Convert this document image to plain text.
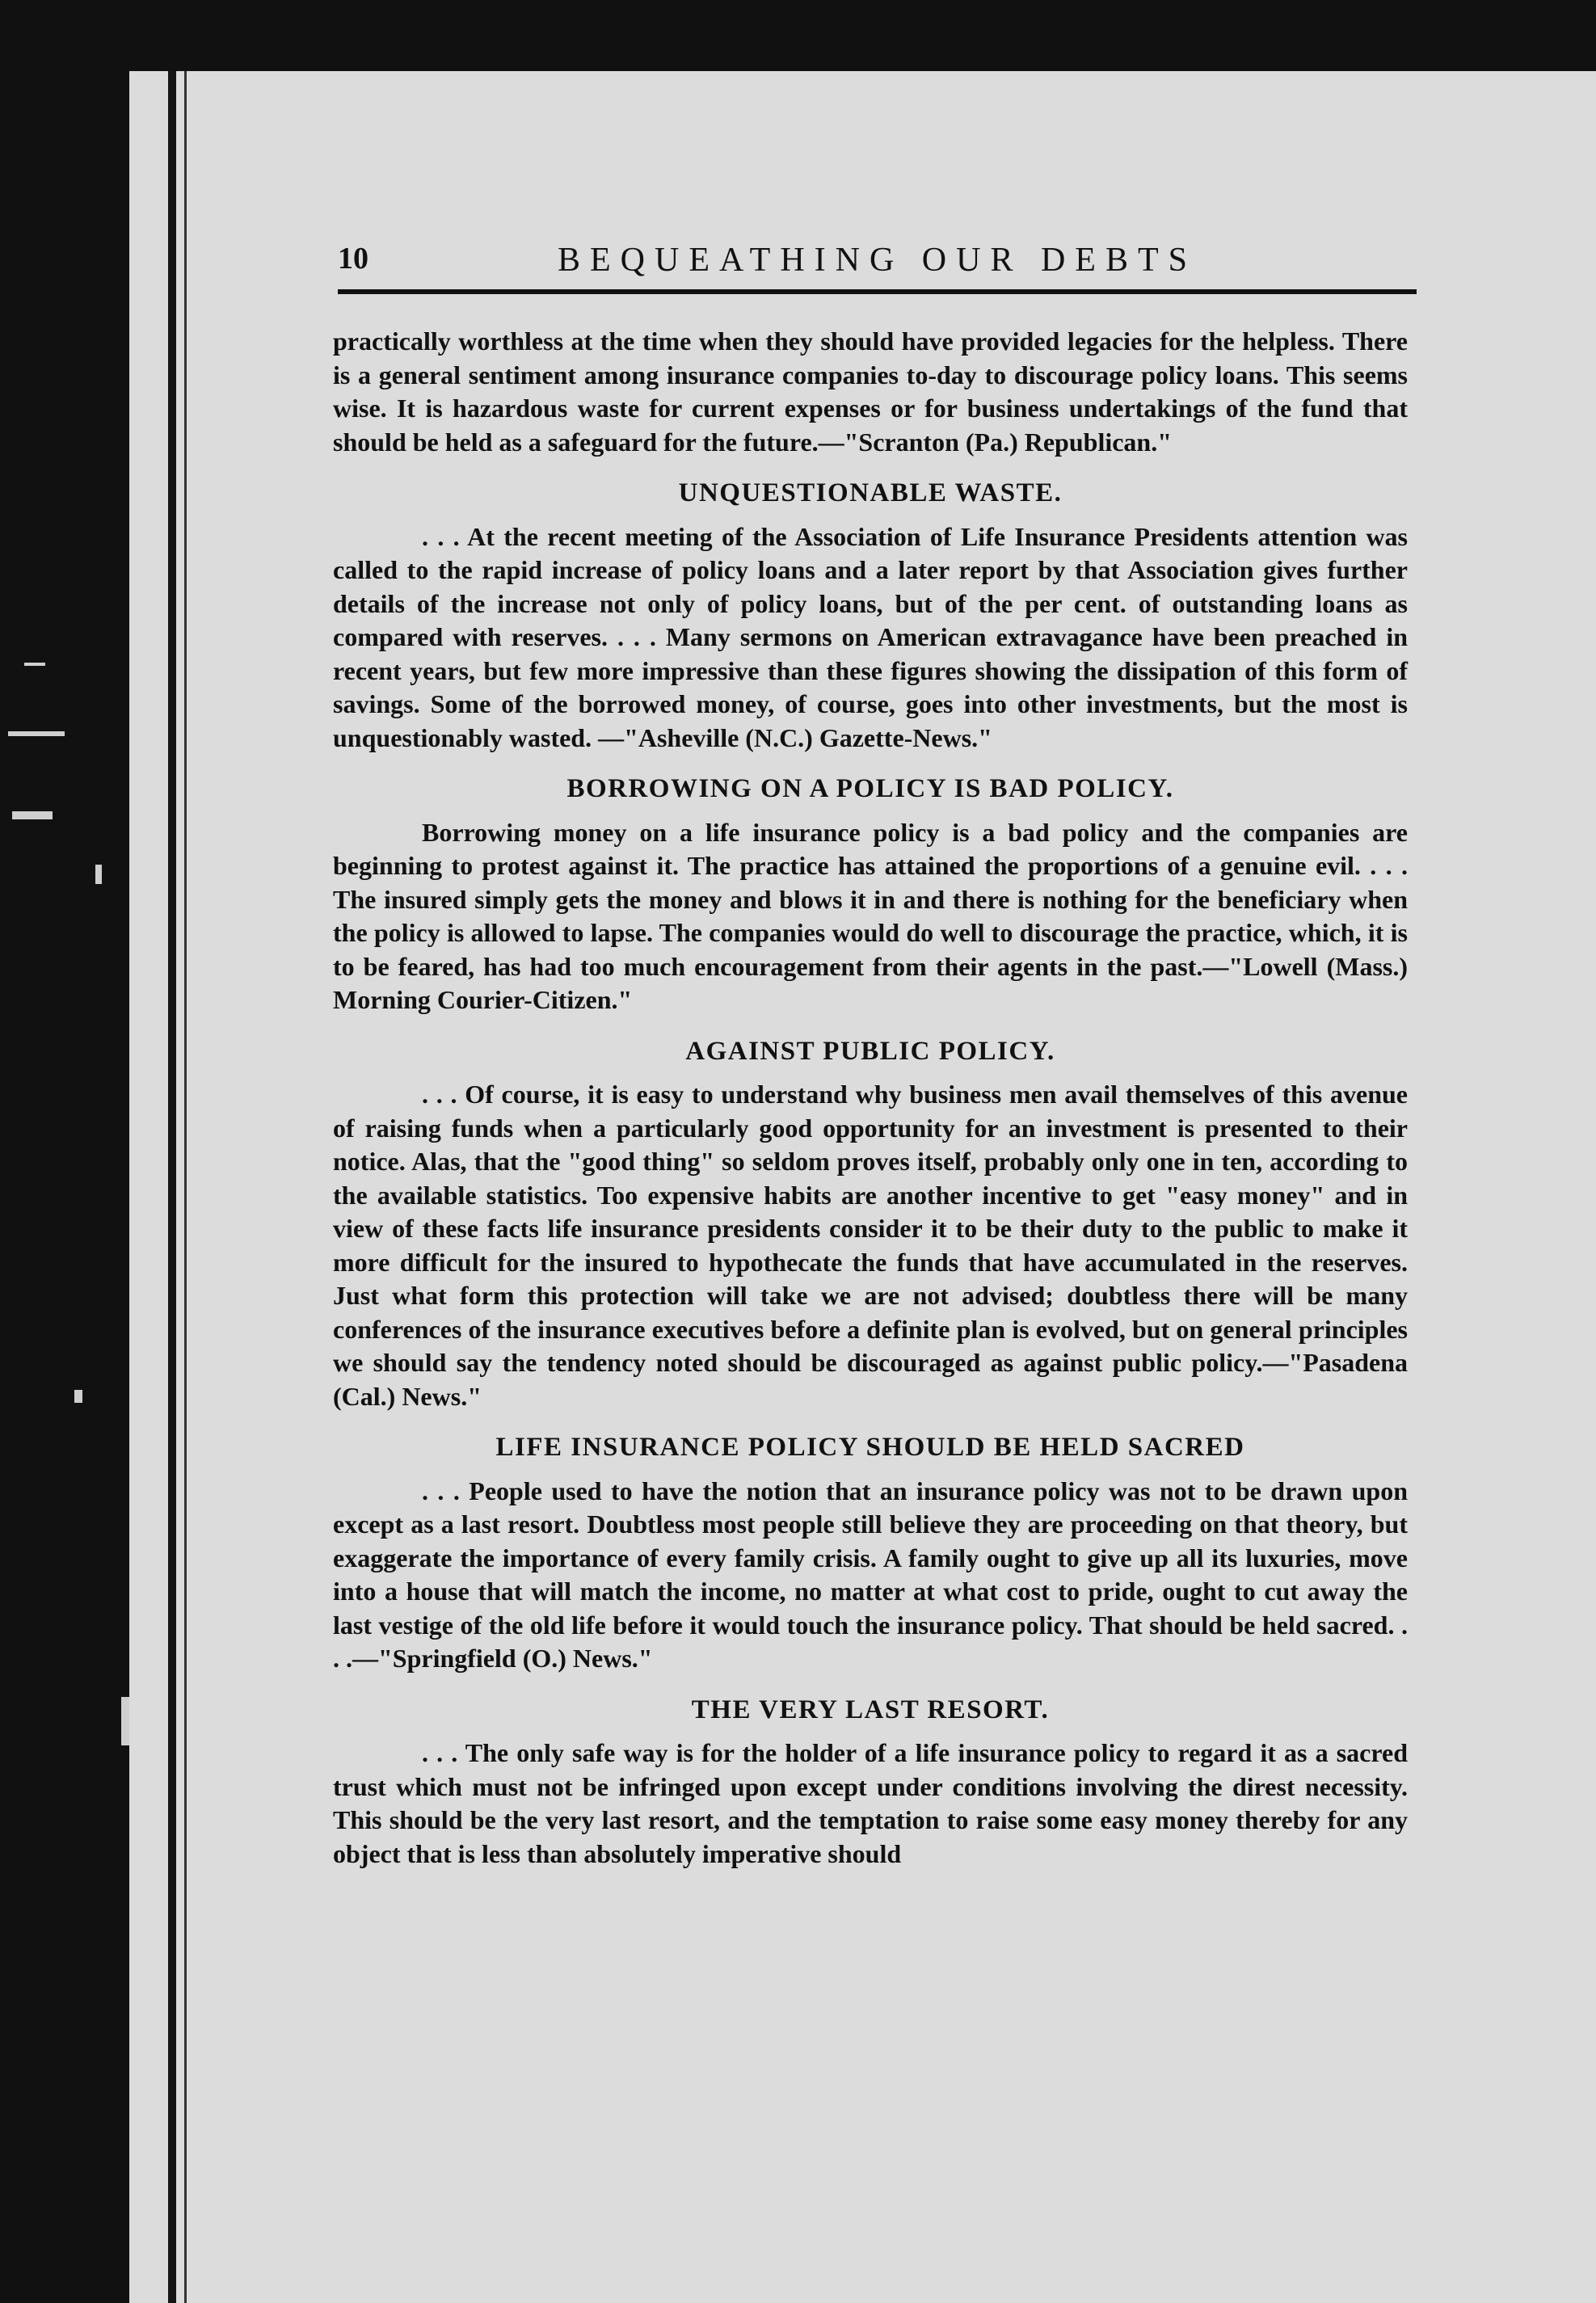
10	BEQUEATHING OUR DEBTS

practically worthless at the time when they should have provided legacies for the helpless. There is a general sentiment among insurance companies to-day to discourage policy loans. This seems wise. It is hazardous waste for current expenses or for business undertakings of the fund that should be held as a safeguard for the future.—"Scranton (Pa.) Republican."

UNQUESTIONABLE WASTE.

. . . At the recent meeting of the Association of Life Insurance Presidents attention was called to the rapid increase of policy loans and a later report by that Association gives further details of the increase not only of policy loans, but of the per cent. of outstanding loans as compared with reserves. . . . Many sermons on American extravagance have been preached in recent years, but few more impressive than these figures showing the dissipation of this form of savings. Some of the borrowed money, of course, goes into other investments, but the most is unquestionably wasted. —"Asheville (N.C.) Gazette-News."

BORROWING ON A POLICY IS BAD POLICY.

Borrowing money on a life insurance policy is a bad policy and the companies are beginning to protest against it. The practice has attained the proportions of a genuine evil. . . . The insured simply gets the money and blows it in and there is nothing for the beneficiary when the policy is allowed to lapse. The companies would do well to discourage the practice, which, it is to be feared, has had too much encouragement from their agents in the past.—"Lowell (Mass.) Morning Courier-Citizen."

AGAINST PUBLIC POLICY.

. . . Of course, it is easy to understand why business men avail themselves of this avenue of raising funds when a particularly good opportunity for an investment is presented to their notice. Alas, that the "good thing" so seldom proves itself, probably only one in ten, according to the available statistics. Too expensive habits are another incentive to get "easy money" and in view of these facts life insurance presidents consider it to be their duty to the public to make it more difficult for the insured to hypothecate the funds that have accumulated in the reserves. Just what form this protection will take we are not advised; doubtless there will be many conferences of the insurance executives before a definite plan is evolved, but on general principles we should say the tendency noted should be discouraged as against public policy.—"Pasadena (Cal.) News."

LIFE INSURANCE POLICY SHOULD BE HELD SACRED

. . . People used to have the notion that an insurance policy was not to be drawn upon except as a last resort. Doubtless most people still believe they are proceeding on that theory, but exaggerate the importance of every family crisis. A family ought to give up all its luxuries, move into a house that will match the income, no matter at what cost to pride, ought to cut away the last vestige of the old life before it would touch the insurance policy. That should be held sacred. . . .—"Springfield (O.) News."

THE VERY LAST RESORT.

. . . The only safe way is for the holder of a life insurance policy to regard it as a sacred trust which must not be infringed upon except under conditions involving the direst necessity. This should be the very last resort, and the temptation to raise some easy money thereby for any object that is less than absolutely imperative should
